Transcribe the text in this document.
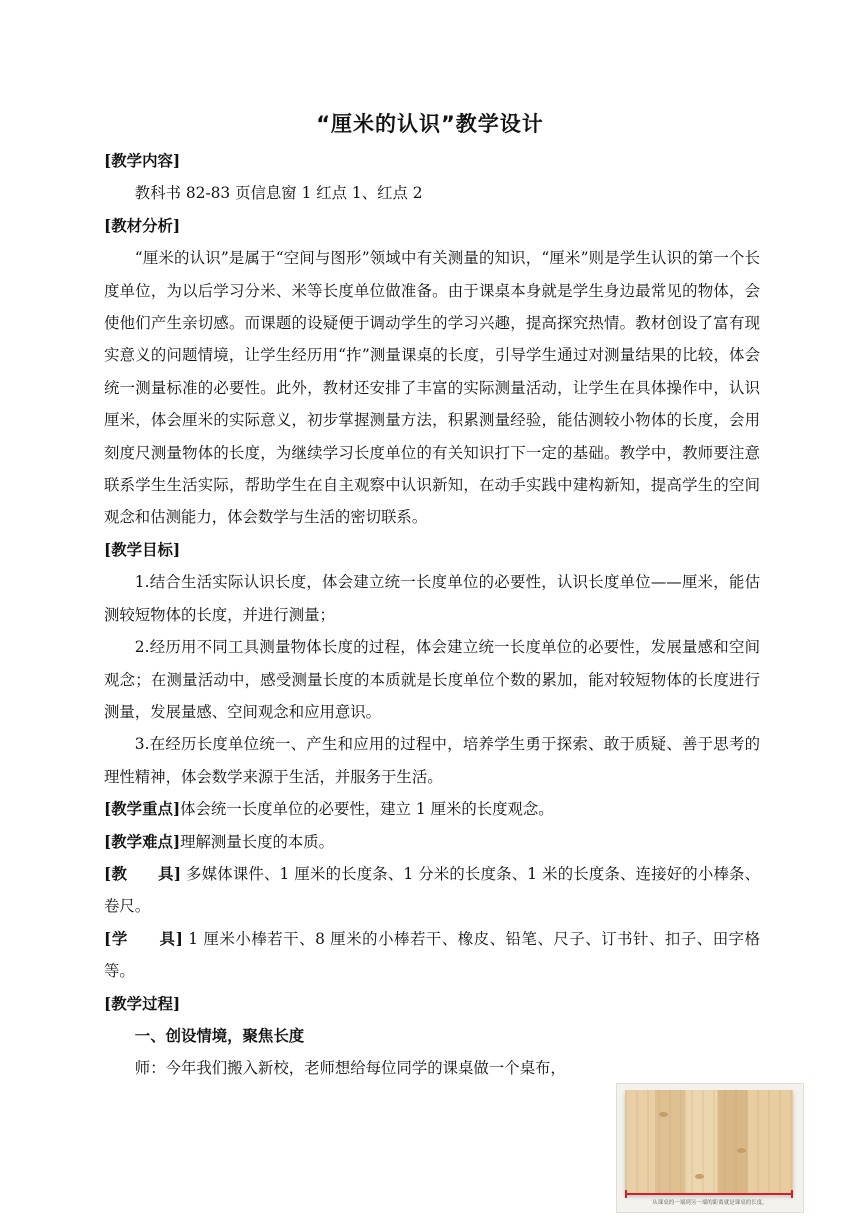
“厘米的认识”教学设计

[教学内容]

教科书 82-83 页信息窗 1 红点 1、红点 2

[教材分析]

“厘米的认识”是属于“空间与图形”领域中有关测量的知识，“厘米”则是学生认识的第一个长度单位，为以后学习分米、米等长度单位做准备。由于课桌本身就是学生身边最常见的物体，会使他们产生亲切感。而课题的设疑便于调动学生的学习兴趣，提高探究热情。教材创设了富有现实意义的问题情境，让学生经历用“拃”测量课桌的长度，引导学生通过对测量结果的比较，体会统一测量标准的必要性。此外，教材还安排了丰富的实际测量活动，让学生在具体操作中，认识厘米，体会厘米的实际意义，初步掌握测量方法，积累测量经验，能估测较小物体的长度，会用刻度尺测量物体的长度，为继续学习长度单位的有关知识打下一定的基础。教学中，教师要注意联系学生生活实际，帮助学生在自主观察中认识新知，在动手实践中建构新知，提高学生的空间观念和估测能力，体会数学与生活的密切联系。

[教学目标]

1.结合生活实际认识长度，体会建立统一长度单位的必要性，认识长度单位——厘米，能估测较短物体的长度，并进行测量；

2.经历用不同工具测量物体长度的过程，体会建立统一长度单位的必要性，发展量感和空间观念；在测量活动中，感受测量长度的本质就是长度单位个数的累加，能对较短物体的长度进行测量，发展量感、空间观念和应用意识。

3.在经历长度单位统一、产生和应用的过程中，培养学生勇于探索、敢于质疑、善于思考的理性精神，体会数学来源于生活，并服务于生活。

[教学重点]体会统一长度单位的必要性，建立 1 厘米的长度观念。

[教学难点]理解测量长度的本质。

[教　　具] 多媒体课件、1 厘米的长度条、1 分米的长度条、1 米的长度条、连接好的小棒条、卷尺。

[学　　具] 1 厘米小棒若干、8 厘米的小棒若干、橡皮、铅笔、尺子、订书针、扣子、田字格等。

[教学过程]

一、创设情境，聚焦长度

师：今年我们搬入新校，老师想给每位同学的课桌做一个桌布，

从课桌的一端到另一端的距离就是课桌的长度。
